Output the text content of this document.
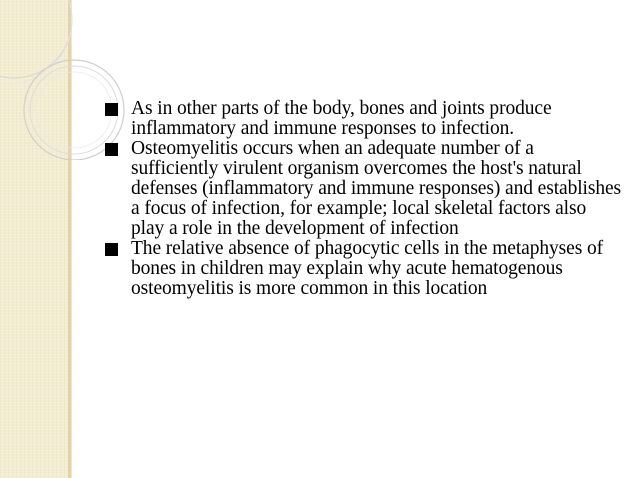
As in other parts of the body, bones and joints produce inflammatory and immune responses to infection.
Osteomyelitis occurs when an adequate number of a sufficiently virulent organism overcomes the host's natural defenses (inflammatory and immune responses) and establishes a focus of infection, for example; local skeletal factors also play a role in the development of infection
The relative absence of phagocytic cells in the metaphyses of bones in children may explain why acute hematogenous osteomyelitis is more common in this location
